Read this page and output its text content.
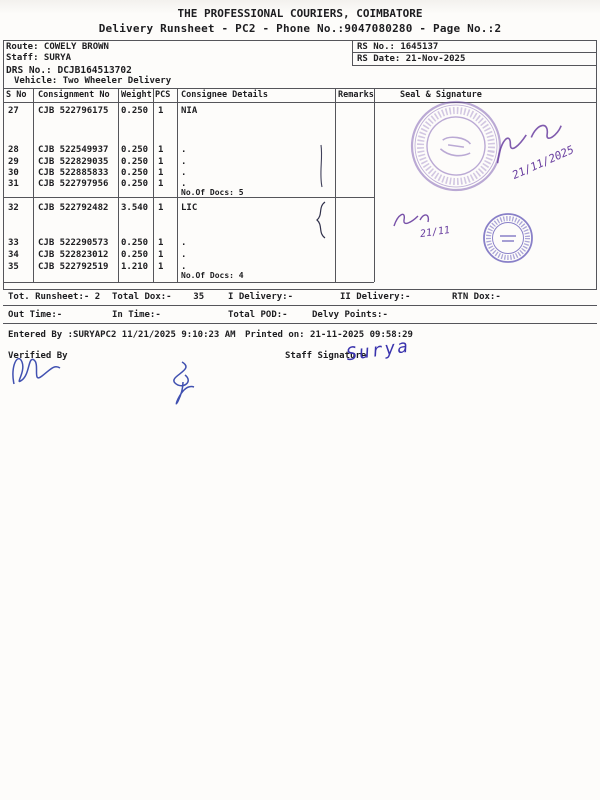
THE PROFESSIONAL COURIERS, COIMBATORE
Delivery Runsheet - PC2 - Phone No.:9047080280 - Page No.:2
Route: COWELY BROWN
Staff: SURYA
DRS No.: DCJB164513702
Vehicle: Two Wheeler Delivery
RS No.: 1645137
RS Date: 21-Nov-2025
S No Consignment No Weight PCS Consignee Details	Remarks	Seal & Signature
27 CJB 522796175 0.250 1 NIA
28 CJB 522549937 0.250 1 .
29 CJB 522829035 0.250 1 .
30 CJB 522885833 0.250 1 .
31 CJB 522797956 0.250 1 .
No.Of Docs: 5
32 CJB 522792482 3.540 1 LIC
33 CJB 522290573 0.250 1 .
34 CJB 522823012 0.250 1 .
35 CJB 522792519 1.210 1 .
No.Of Docs: 4
Tot. Runsheet:- 2 Total Dox:-    35	I Delivery:-	II Delivery:-	RTN Dox:-
Out Time:-	In Time:-	Total POD:-	Delvy Points:-
Entered By :SURYAPC2 11/21/2025 9:10:23 AM Printed on: 21-11-2025 09:58:29
Verified By	Staff Signature
21/11/2025
21/11
Surya
